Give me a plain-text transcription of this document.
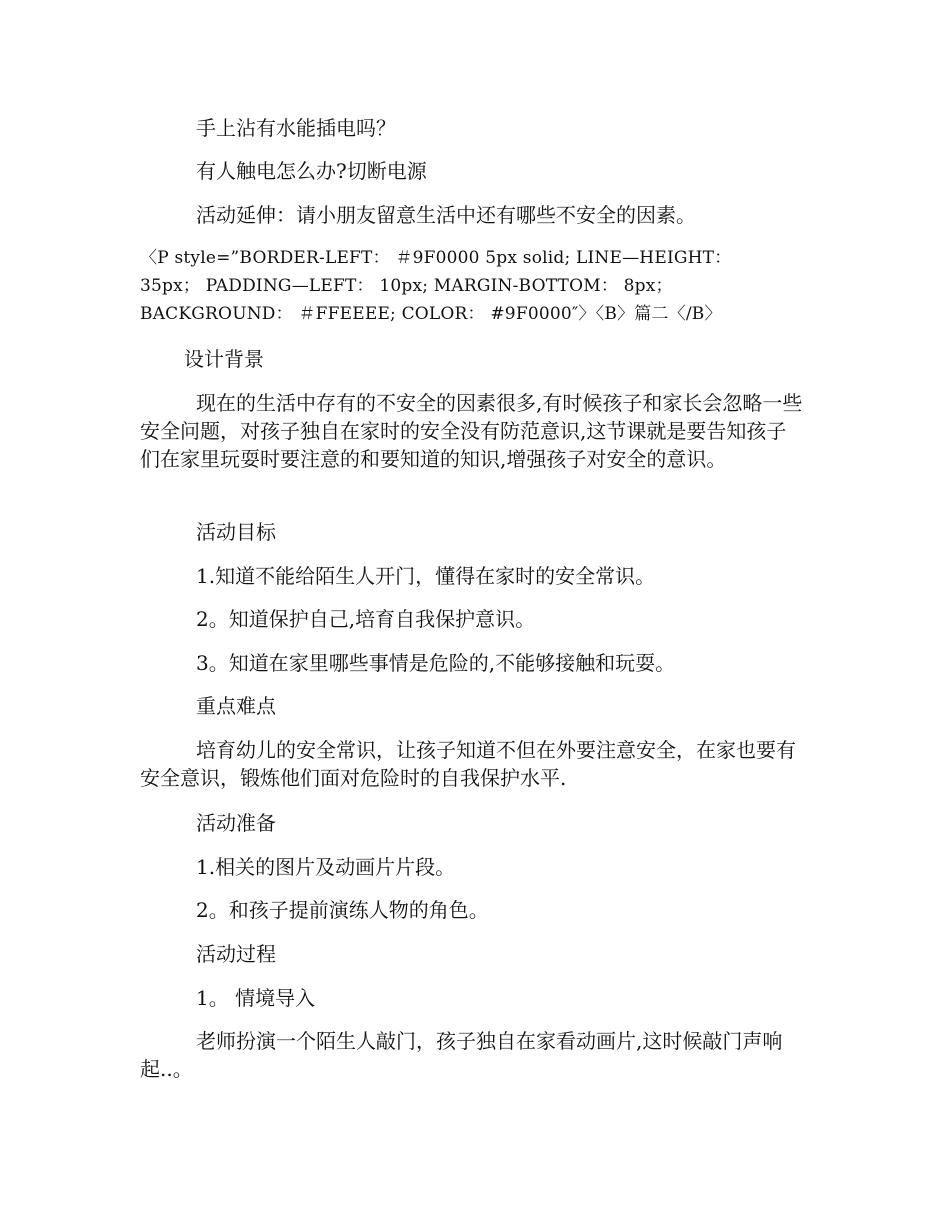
手上沾有水能插电吗？

有人触电怎么办?切断电源

活动延伸：请小朋友留意生活中还有哪些不安全的因素。

〈P style=”BORDER-LEFT： ＃9F0000 5px solid; LINE—HEIGHT：
35px； PADDING—LEFT： 10px; MARGIN-BOTTOM： 8px；
BACKGROUND： ＃FFEEEE; COLOR： #9F0000″〉〈B〉篇二〈/B〉

设计背景

现在的生活中存有的不安全的因素很多,有时候孩子和家长会忽略一些安全问题，对孩子独自在家时的安全没有防范意识,这节课就是要告知孩子们在家里玩耍时要注意的和要知道的知识,增强孩子对安全的意识。

活动目标

1.知道不能给陌生人开门，懂得在家时的安全常识。

2。知道保护自己,培育自我保护意识。

3。知道在家里哪些事情是危险的,不能够接触和玩耍。

重点难点

培育幼儿的安全常识，让孩子知道不但在外要注意安全，在家也要有安全意识，锻炼他们面对危险时的自我保护水平.

活动准备

1.相关的图片及动画片片段。

2。和孩子提前演练人物的角色。

活动过程

1。 情境导入

老师扮演一个陌生人敲门，孩子独自在家看动画片,这时候敲门声响起..。
